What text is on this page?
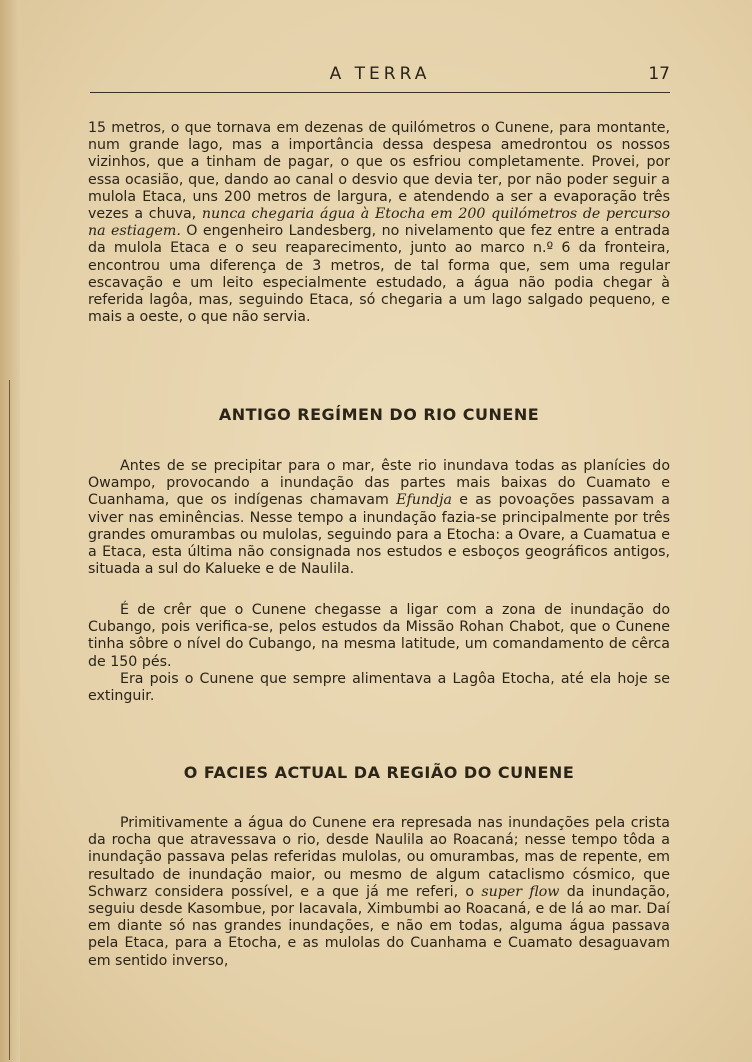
A TERRA	17

15 metros, o que tornava em dezenas de quilómetros o Cunene, para montante, num grande lago, mas a importância dessa despesa amedrontou os nossos vizinhos, que a tinham de pagar, o que os esfriou completamente. Provei, por essa ocasião, que, dando ao canal o desvio que devia ter, por não poder seguir a mulola Etaca, uns 200 metros de largura, e atendendo a ser a evaporação três vezes a chuva, nunca chegaria água à Etocha em 200 quilómetros de percurso na estiagem. O engenheiro Landesberg, no nivelamento que fez entre a entrada da mulola Etaca e o seu reaparecimento, junto ao marco n.º 6 da fronteira, encontrou uma diferença de 3 metros, de tal forma que, sem uma regular escavação e um leito especialmente estudado, a água não podia chegar à referida lagôa, mas, seguindo Etaca, só chegaria a um lago salgado pequeno, e mais a oeste, o que não servia.

ANTIGO REGÍMEN DO RIO CUNENE

Antes de se precipitar para o mar, êste rio inundava todas as planícies do Owampo, provocando a inundação das partes mais baixas do Cuamato e Cuanhama, que os indígenas chamavam Efundja e as povoações passavam a viver nas eminências. Nesse tempo a inundação fazia-se principalmente por três grandes omurambas ou mulolas, seguindo para a Etocha: a Ovare, a Cuamatua e a Etaca, esta última não consignada nos estudos e esboços geográficos antigos, situada a sul do Kalueke e de Naulila.

É de crêr que o Cunene chegasse a ligar com a zona de inundação do Cubango, pois verifica-se, pelos estudos da Missão Rohan Chabot, que o Cunene tinha sôbre o nível do Cubango, na mesma latitude, um comandamento de cêrca de 150 pés.

Era pois o Cunene que sempre alimentava a Lagôa Etocha, até ela hoje se extinguir.

O FACIES ACTUAL DA REGIÃO DO CUNENE

Primitivamente a água do Cunene era represada nas inundações pela crista da rocha que atravessava o rio, desde Naulila ao Roacaná; nesse tempo tôda a inundação passava pelas referidas mulolas, ou omurambas, mas de repente, em resultado de inundação maior, ou mesmo de algum cataclismo cósmico, que Schwarz considera possível, e a que já me referi, o super flow da inundação, seguiu desde Kasombue, por Iacavala, Ximbumbi ao Roacaná, e de lá ao mar. Daí em diante só nas grandes inundações, e não em todas, alguma água passava pela Etaca, para a Etocha, e as mulolas do Cuanhama e Cuamato desaguavam em sentido inverso,
